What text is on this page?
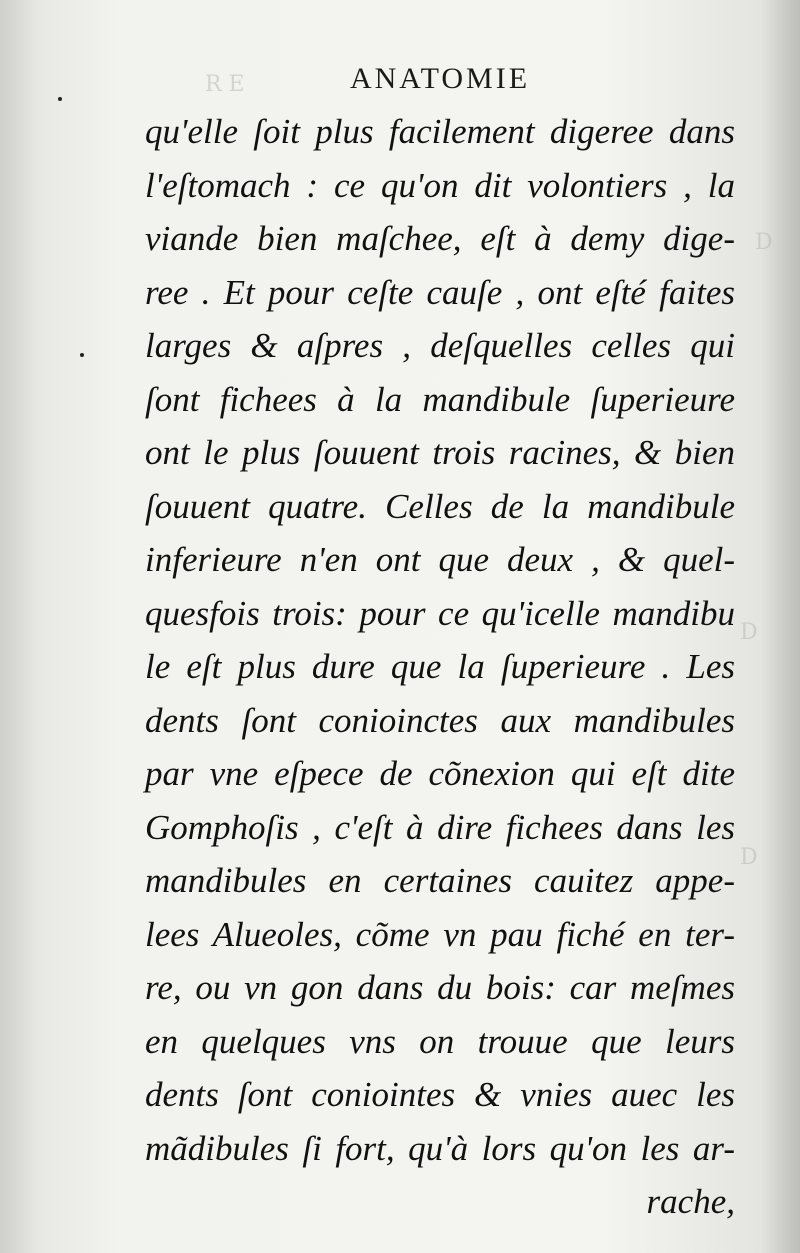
R E
D
D
D
ANATOMIE
qu'elle ſoit plus facilement digeree dans
l'eſtomach : ce qu'on dit volontiers , la
viande bien maſchee, eſt à demy dige-
ree . Et pour ceſte cauſe , ont eſté faites
larges & aſpres , deſquelles celles qui
ſont fichees à la mandibule ſuperieure
ont le plus ſouuent trois racines, & bien
ſouuent quatre. Celles de la mandibule
inferieure n'en ont que deux , & quel-
quesfois trois: pour ce qu'icelle mandibu
le eſt plus dure que la ſuperieure . Les
dents ſont conioinctes aux mandibules
par vne eſpece de cõnexion qui eſt dite
Gomphoſis , c'eſt à dire fichees dans les
mandibules en certaines cauitez appe-
lees Alueoles, cõme vn pau fiché en ter-
re, ou vn gon dans du bois: car meſmes
en quelques vns on trouue que leurs
dents ſont coniointes & vnies auec les
mãdibules ſi fort, qu'à lors qu'on les ar-
rache,
